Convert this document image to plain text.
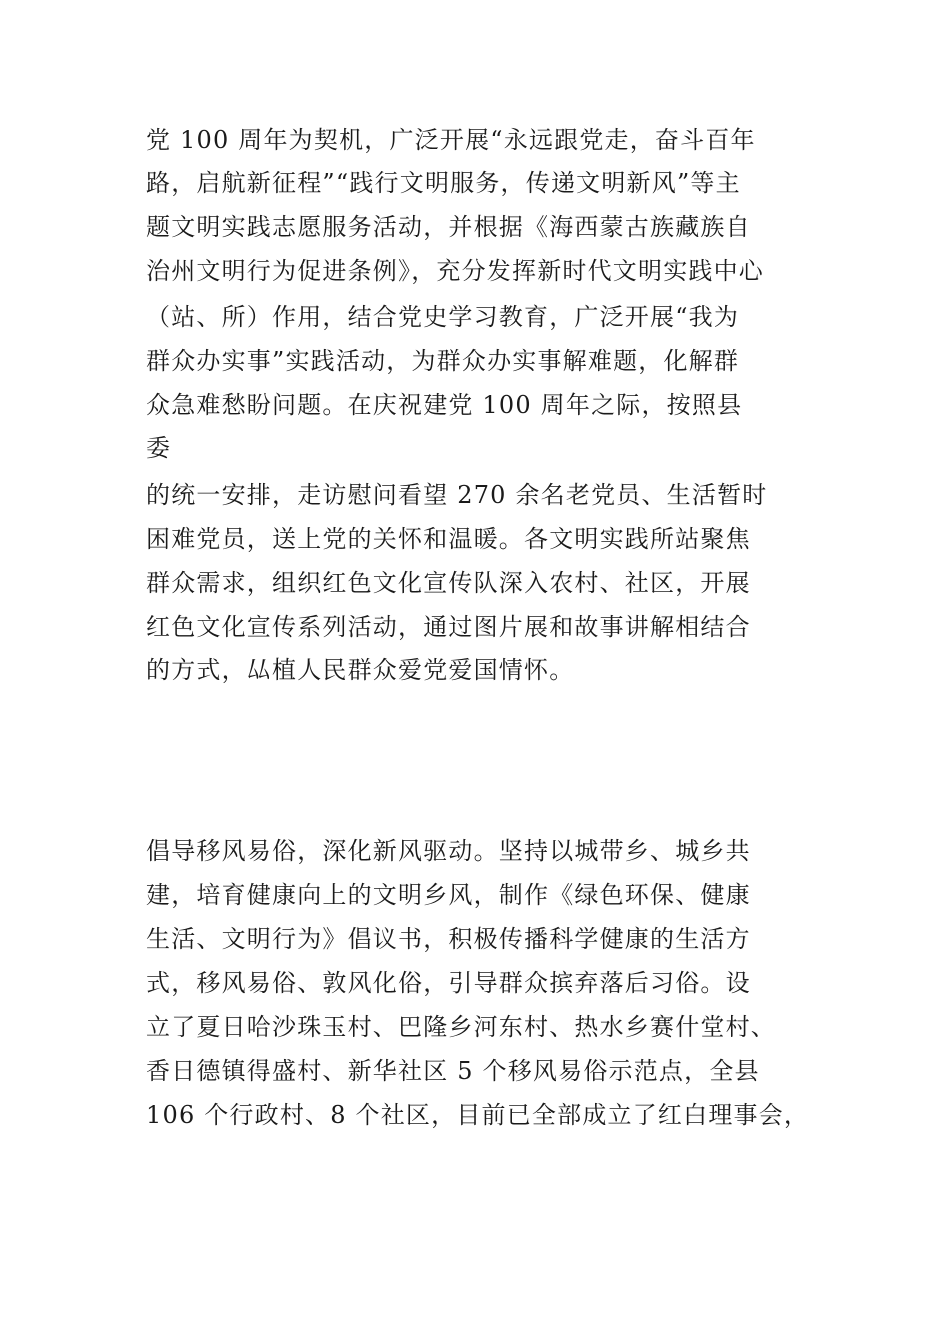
党 100 周年为契机，广泛开展“永远跟党走，奋斗百年
路，启航新征程”“践行文明服务，传递文明新风”等主
题文明实践志愿服务活动，并根据《海西蒙古族藏族自
治州文明行为促进条例》，充分发挥新时代文明实践中心
（站、所）作用，结合党史学习教育，广泛开展“我为
群众办实事”实践活动，为群众办实事解难题，化解群
众急难愁盼问题。在庆祝建党 100 周年之际，按照县
委
的统一安排，走访慰问看望 270 余名老党员、生活暂时
困难党员，送上党的关怀和温暖。各文明实践所站聚焦
群众需求，组织红色文化宣传队深入农村、社区，开展
红色文化宣传系列活动，通过图片展和故事讲解相结合
的方式，厸植人民群众爱党爱国情怀。
倡导移风易俗，深化新风驱动。坚持以城带乡、城乡共
建，培育健康向上的文明乡风，制作《绿色环保、健康
生活、文明行为》倡议书，积极传播科学健康的生活方
式，移风易俗、敦风化俗，引导群众摈弃落后习俗。设
立了夏日哈沙珠玉村、巴隆乡河东村、热水乡赛什堂村、
香日德镇得盛村、新华社区 5 个移风易俗示范点，全县
106 个行政村、8 个社区，目前已全部成立了红白理事会，
